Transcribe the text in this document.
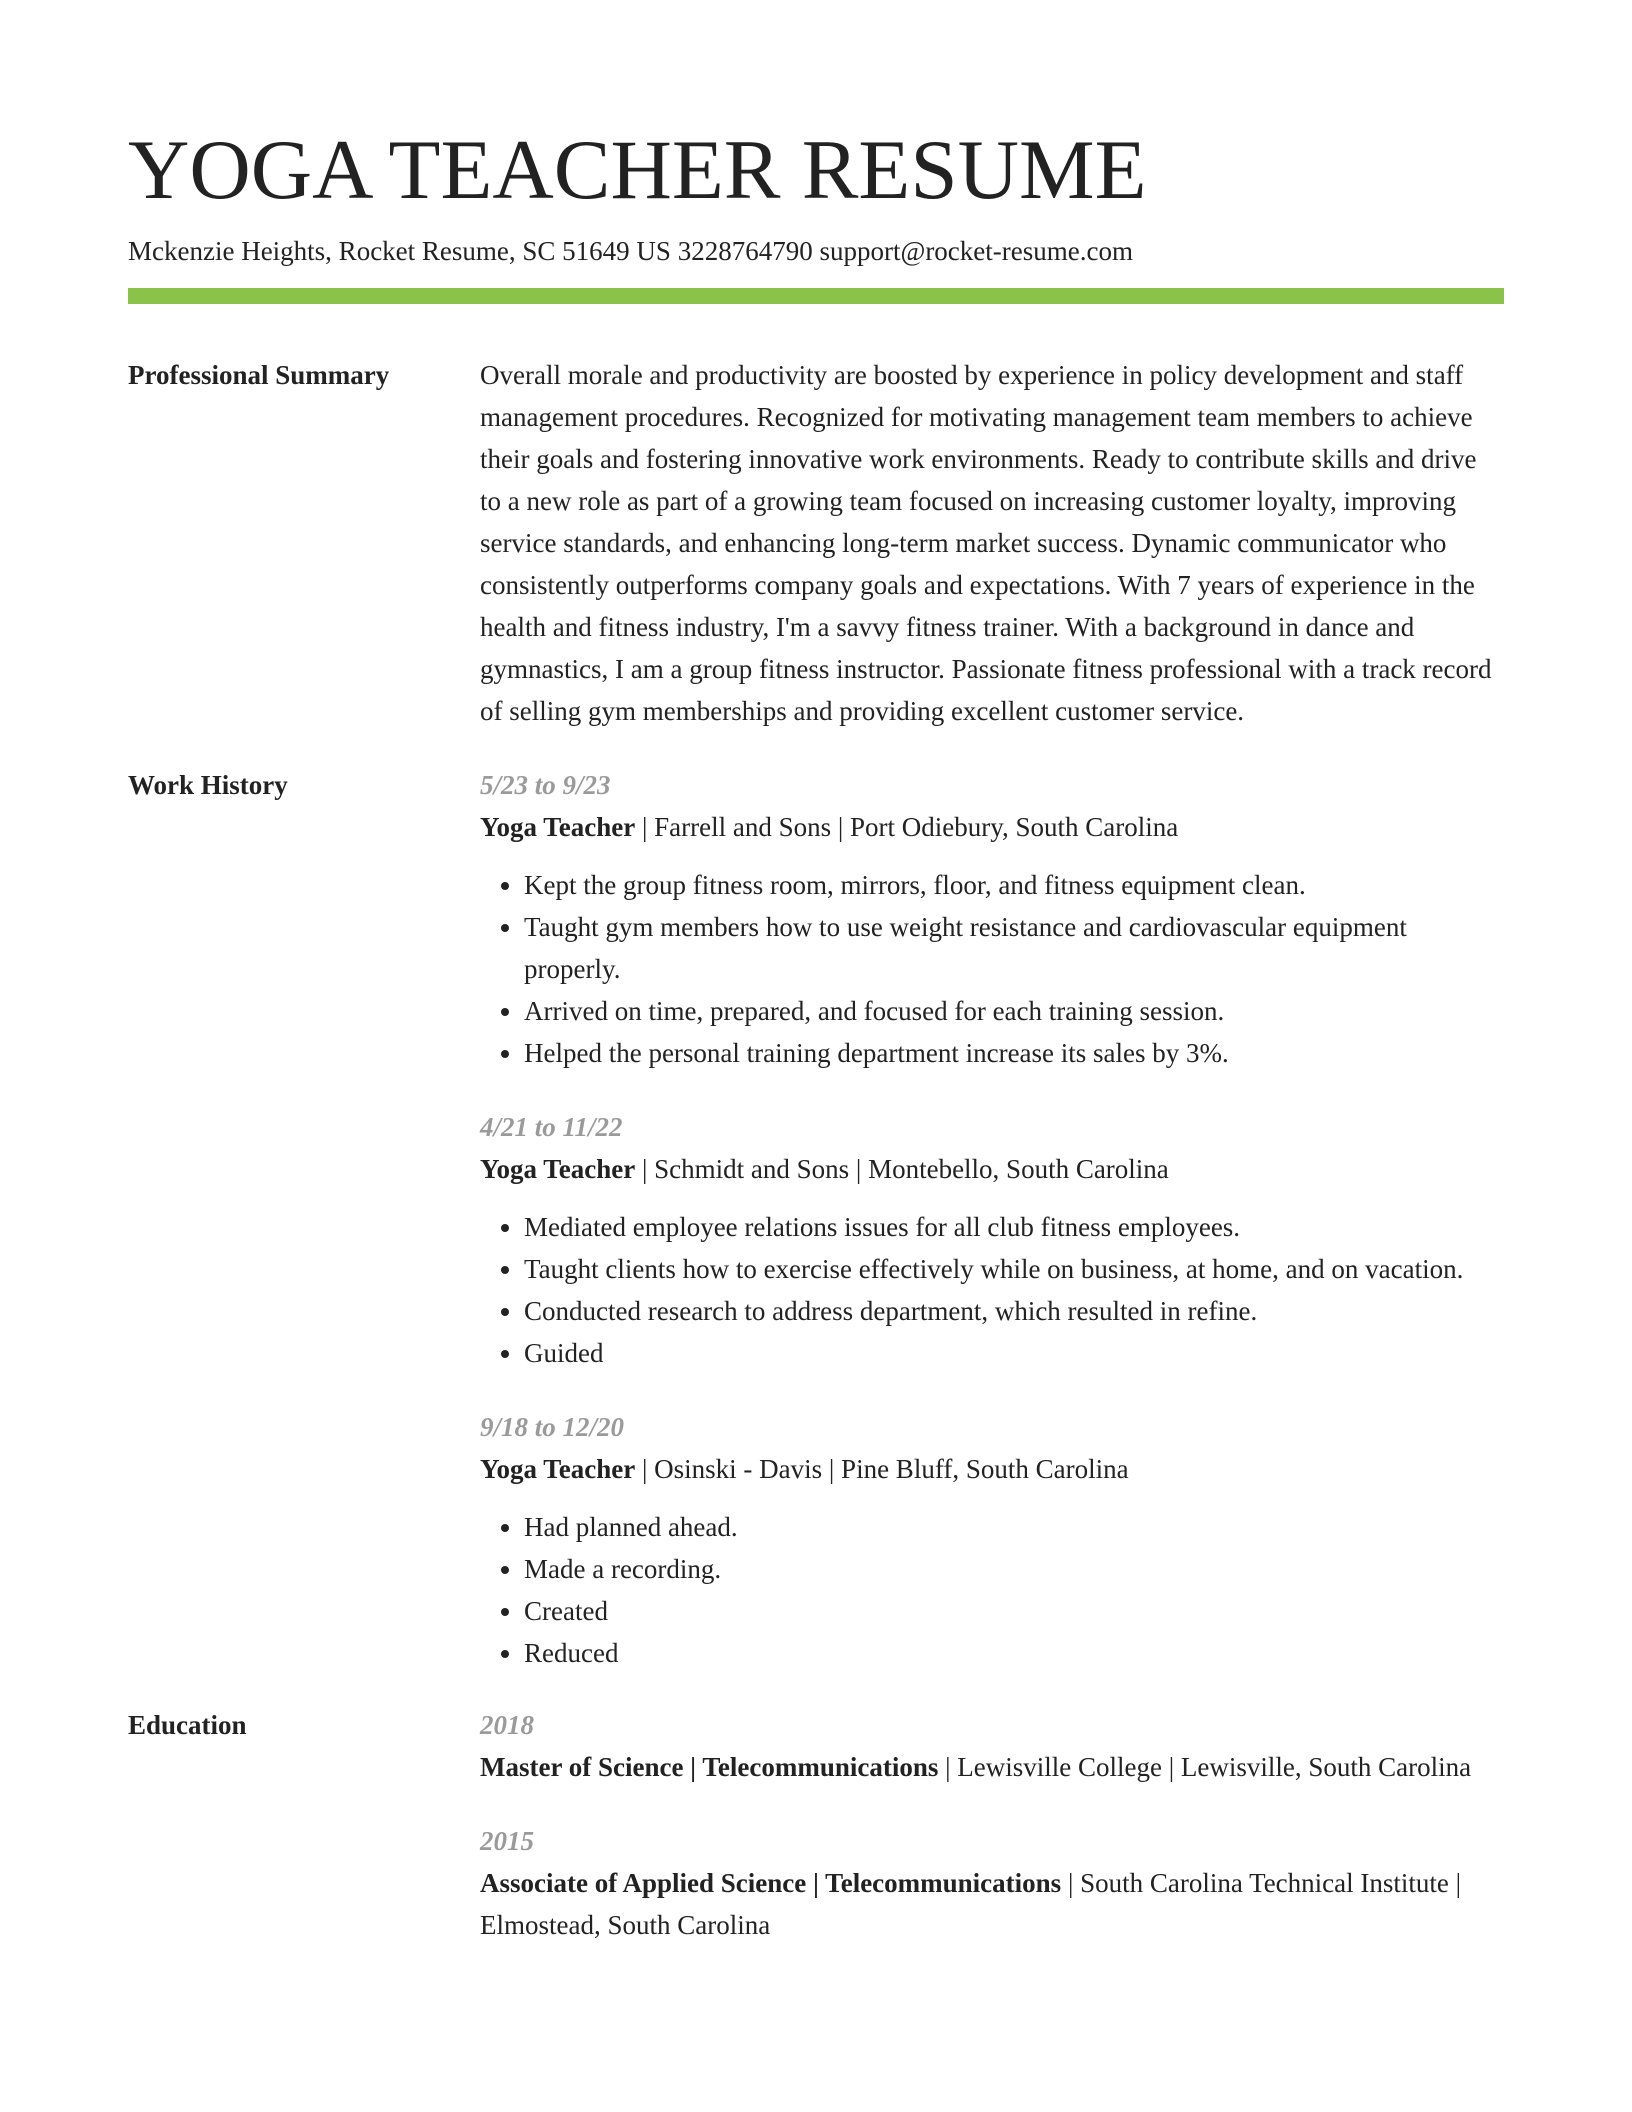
YOGA TEACHER RESUME
Mckenzie Heights, Rocket Resume, SC 51649 US 3228764790 support@rocket-resume.com
Professional Summary	Overall morale and productivity are boosted by experience in policy development and staff management procedures. Recognized for motivating management team members to achieve their goals and fostering innovative work environments. Ready to contribute skills and drive to a new role as part of a growing team focused on increasing customer loyalty, improving service standards, and enhancing long-term market success. Dynamic communicator who consistently outperforms company goals and expectations. With 7 years of experience in the health and fitness industry, I'm a savvy fitness trainer. With a background in dance and gymnastics, I am a group fitness instructor. Passionate fitness professional with a track record of selling gym memberships and providing excellent customer service.

Work History	5/23 to 9/23
Yoga Teacher | Farrell and Sons | Port Odiebury, South Carolina
• Kept the group fitness room, mirrors, floor, and fitness equipment clean.
• Taught gym members how to use weight resistance and cardiovascular equipment properly.
• Arrived on time, prepared, and focused for each training session.
• Helped the personal training department increase its sales by 3%.
4/21 to 11/22
Yoga Teacher | Schmidt and Sons | Montebello, South Carolina
• Mediated employee relations issues for all club fitness employees.
• Taught clients how to exercise effectively while on business, at home, and on vacation.
• Conducted research to address department, which resulted in refine.
• Guided
9/18 to 12/20
Yoga Teacher | Osinski - Davis | Pine Bluff, South Carolina
• Had planned ahead.
• Made a recording.
• Created
• Reduced
Education	2018
Master of Science | Telecommunications | Lewisville College | Lewisville, South Carolina
2015
Associate of Applied Science | Telecommunications | South Carolina Technical Institute | Elmostead, South Carolina
